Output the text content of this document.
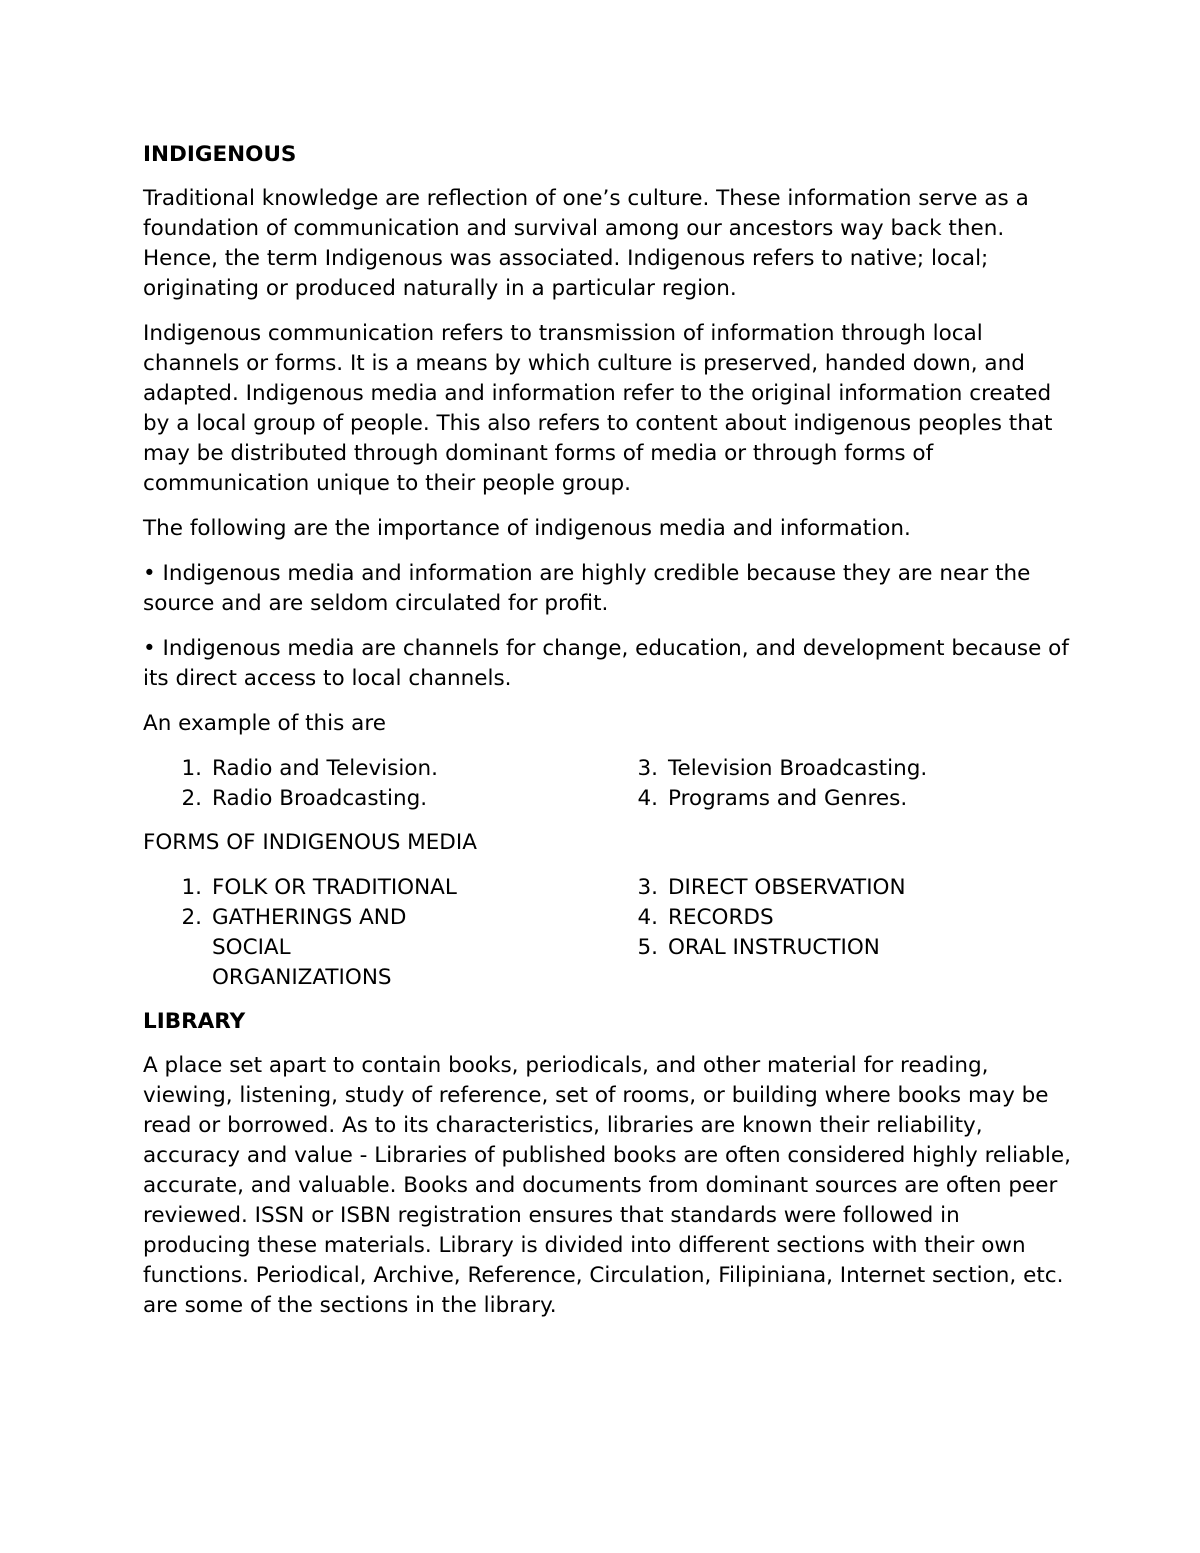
INDIGENOUS

Traditional knowledge are reflection of one’s culture. These information serve as a foundation of communication and survival among our ancestors way back then. Hence, the term Indigenous was associated. Indigenous refers to native; local; originating or produced naturally in a particular region.

Indigenous communication refers to transmission of information through local channels or forms. It is a means by which culture is preserved, handed down, and adapted. Indigenous media and information refer to the original information created by a local group of people. This also refers to content about indigenous peoples that may be distributed through dominant forms of media or through forms of communication unique to their people group.

The following are the importance of indigenous media and information.

• Indigenous media and information are highly credible because they are near the source and are seldom circulated for profit.

• Indigenous media are channels for change, education, and development because of its direct access to local channels.

An example of this are

1. Radio and Television.
2. Radio Broadcasting.
3. Television Broadcasting.
4. Programs and Genres.

FORMS OF INDIGENOUS MEDIA

1. FOLK OR TRADITIONAL
2. GATHERINGS AND SOCIAL ORGANIZATIONS
3. DIRECT OBSERVATION
4. RECORDS
5. ORAL INSTRUCTION
LIBRARY

A place set apart to contain books, periodicals, and other material for reading, viewing, listening, study of reference, set of rooms, or building where books may be read or borrowed. As to its characteristics, libraries are known their reliability, accuracy and value - Libraries of published books are often considered highly reliable, accurate, and valuable. Books and documents from dominant sources are often peer reviewed. ISSN or ISBN registration ensures that standards were followed in producing these materials. Library is divided into different sections with their own functions. Periodical, Archive, Reference, Circulation, Filipiniana, Internet section, etc. are some of the sections in the library.
